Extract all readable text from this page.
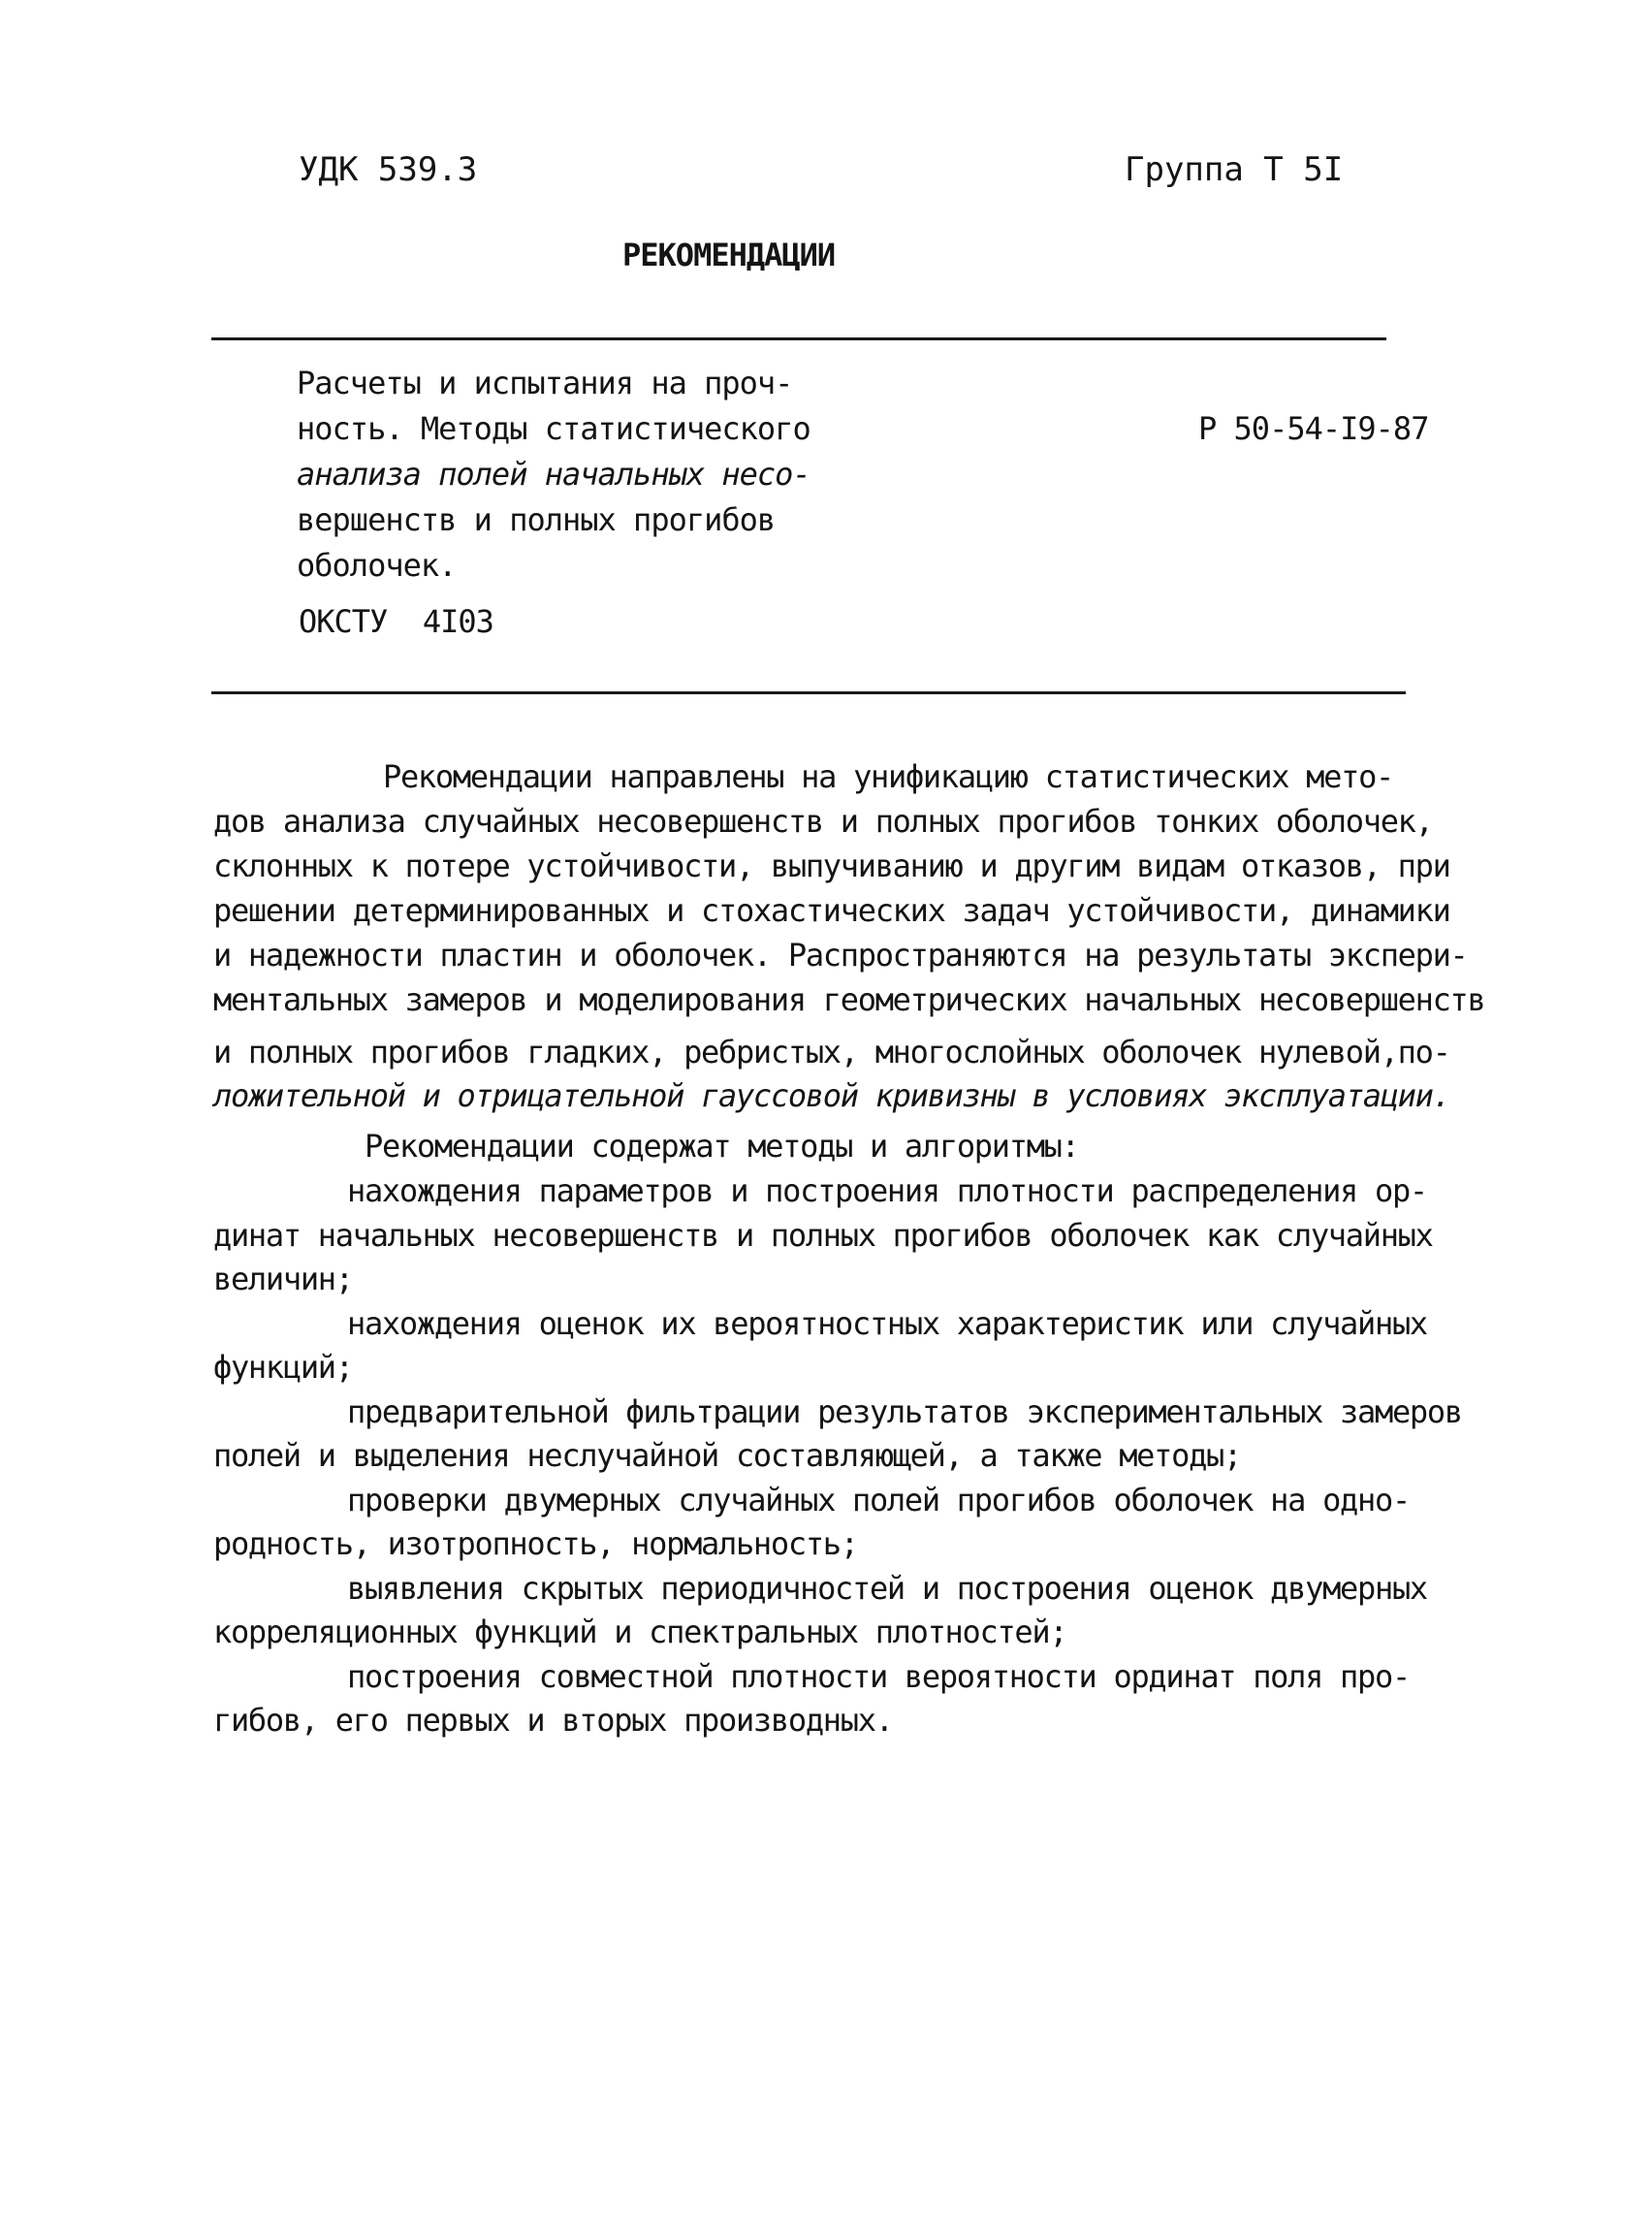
УДК 539.3	Группа Т 5I
РЕКОМЕНДАЦИИ
Расчеты и испытания на проч-
ность. Методы статистического
анализа полей начальных несо-
вершенств и полных прогибов
оболочек.
Р 50-54-I9-87
ОКСТУ  4I03
Рекомендации направлены на унификацию статистических мето-
дов анализа случайных несовершенств и полных прогибов тонких оболочек,
склонных к потере устойчивости, выпучиванию и другим видам отказов, при
решении детерминированных и стохастических задач устойчивости, динамики
и надежности пластин и оболочек. Распространяются на результаты экспери-
ментальных замеров и моделирования геометрических начальных несовершенств
и полных прогибов гладких, ребристых, многослойных оболочек нулевой,по-
ложительной и отрицательной гауссовой кривизны в условиях эксплуатации.
Рекомендации содержат методы и алгоритмы:
нахождения параметров и построения плотности распределения ор-
динат начальных несовершенств и полных прогибов оболочек как случайных
величин;
нахождения оценок их вероятностных характеристик или случайных
функций;
предварительной фильтрации результатов экспериментальных замеров
полей и выделения неслучайной составляющей, а также методы;
проверки двумерных случайных полей прогибов оболочек на одно-
родность, изотропность, нормальность;
выявления скрытых периодичностей и построения оценок двумерных
корреляционных функций и спектральных плотностей;
построения совместной плотности вероятности ординат поля про-
гибов, его первых и вторых производных.
